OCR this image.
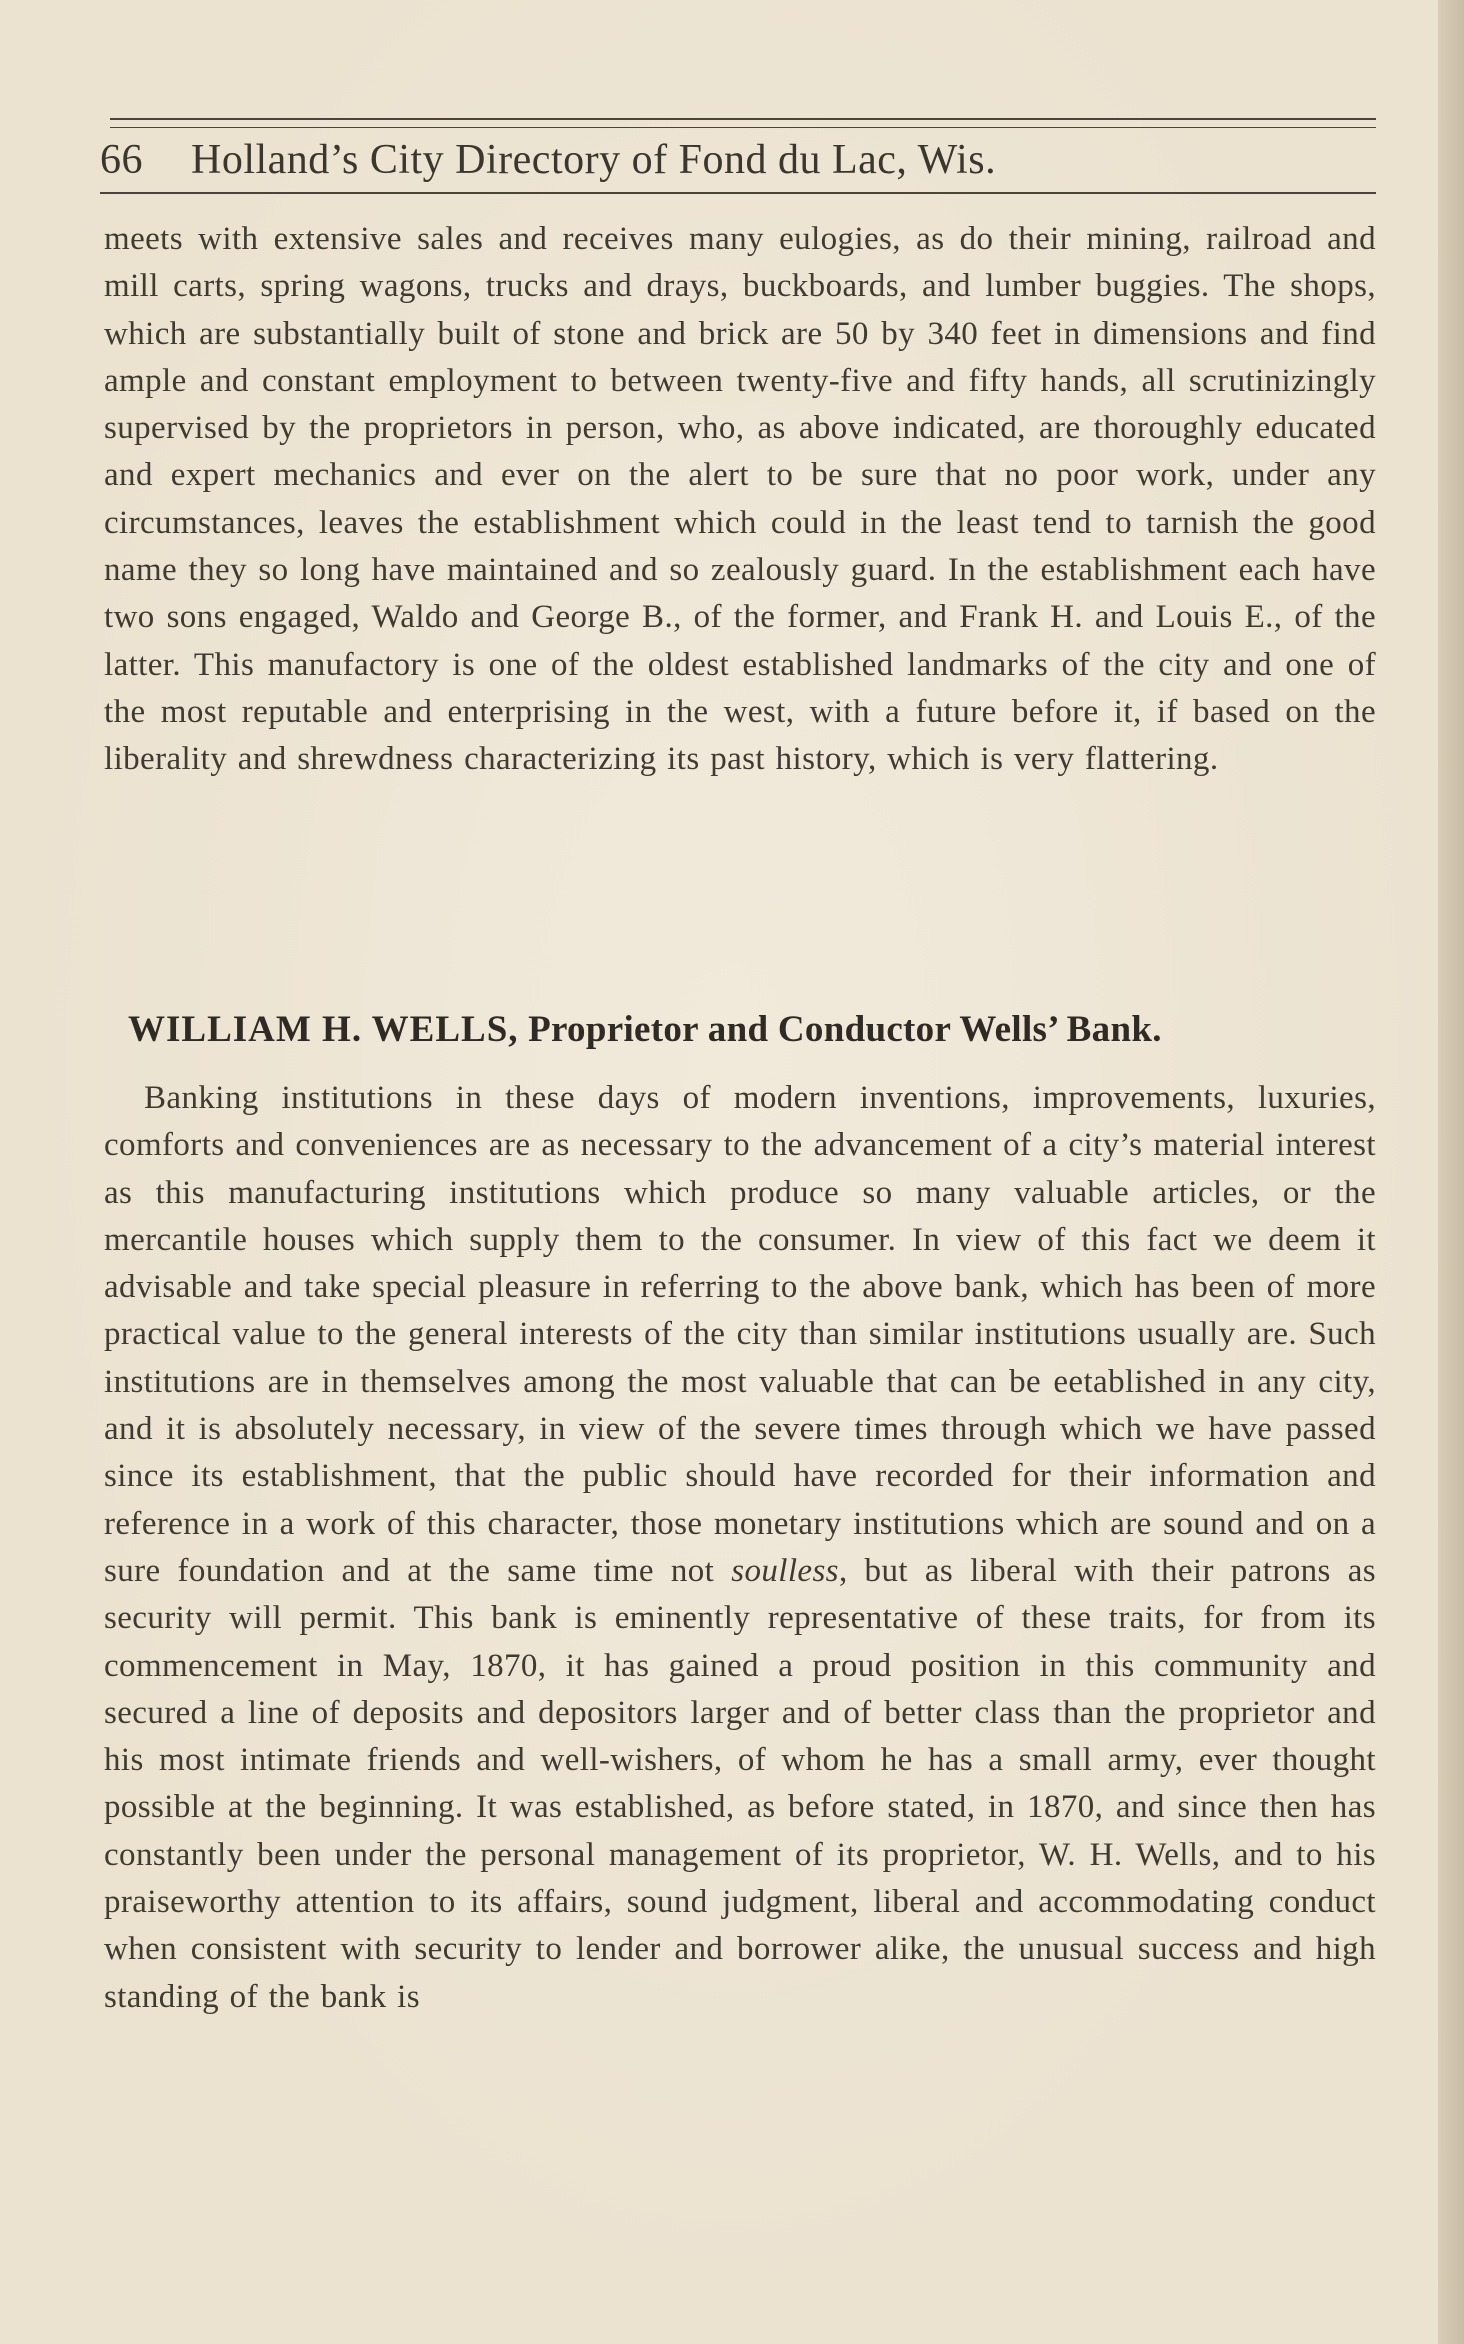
66 Holland’s City Directory of Fond du Lac, Wis.
meets with extensive sales and receives many eulogies, as do their mining, railroad and mill carts, spring wagons, trucks and drays, buckboards, and lumber buggies. The shops, which are substantially built of stone and brick are 50 by 340 feet in dimensions and find ample and constant employment to between twenty-five and fifty hands, all scrutinizingly supervised by the proprietors in person, who, as above indicated, are thoroughly educated and expert mechanics and ever on the alert to be sure that no poor work, under any circumstances, leaves the establishment which could in the least tend to tarnish the good name they so long have maintained and so zealously guard. In the establishment each have two sons engaged, Waldo and George B., of the former, and Frank H. and Louis E., of the latter. This manufactory is one of the oldest established landmarks of the city and one of the most reputable and enterprising in the west, with a future before it, if based on the liberality and shrewdness characterizing its past history, which is very flattering.
WILLIAM H. WELLS, Proprietor and Conductor Wells’ Bank.
Banking institutions in these days of modern inventions, improvements, luxuries, comforts and conveniences are as necessary to the advancement of a city’s material interest as this manufacturing institutions which produce so many valuable articles, or the mercantile houses which supply them to the consumer. In view of this fact we deem it advisable and take special pleasure in referring to the above bank, which has been of more practical value to the general interests of the city than similar institutions usually are. Such institutions are in themselves among the most valuable that can be eetablished in any city, and it is absolutely necessary, in view of the severe times through which we have passed since its establishment, that the public should have recorded for their information and reference in a work of this character, those monetary institutions which are sound and on a sure foundation and at the same time not soulless, but as liberal with their patrons as security will permit. This bank is eminently representative of these traits, for from its commencement in May, 1870, it has gained a proud position in this community and secured a line of deposits and depositors larger and of better class than the proprietor and his most intimate friends and well-wishers, of whom he has a small army, ever thought possible at the beginning. It was established, as before stated, in 1870, and since then has constantly been under the personal management of its proprietor, W. H. Wells, and to his praiseworthy attention to its affairs, sound judgment, liberal and accommodating conduct when consistent with security to lender and borrower alike, the unusual success and high standing of the bank is
